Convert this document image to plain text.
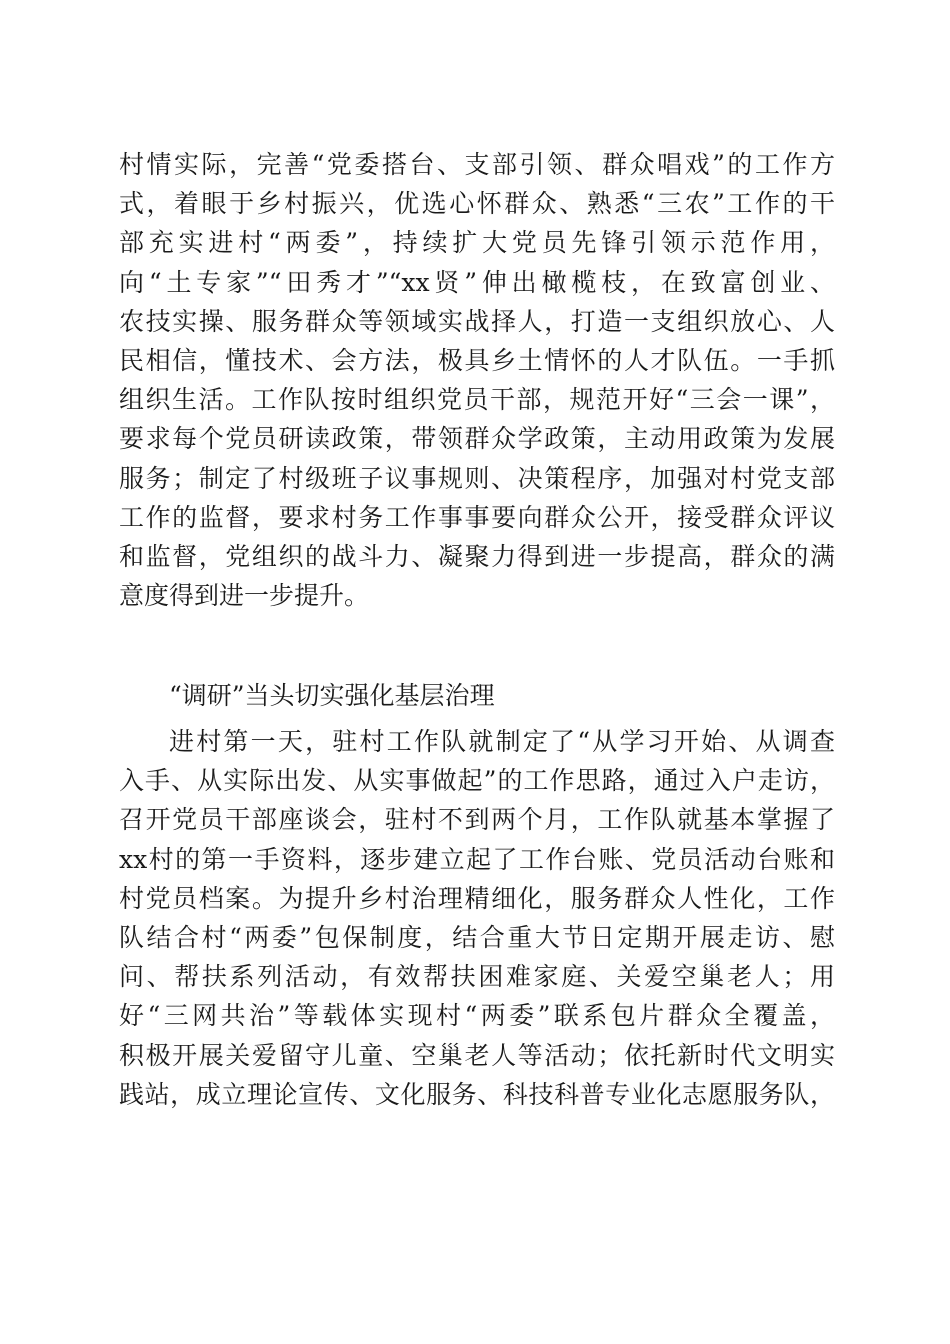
村情实际，完善“党委搭台、支部引领、群众唱戏”的工作方
式，着眼于乡村振兴，优选心怀群众、熟悉“三农”工作的干
部充实进村“两委”，持续扩大党员先锋引领示范作用，
向“土专家”“田秀才”“xx贤”伸出橄榄枝，在致富创业、
农技实操、服务群众等领域实战择人，打造一支组织放心、人
民相信，懂技术、会方法，极具乡土情怀的人才队伍。一手抓
组织生活。工作队按时组织党员干部，规范开好“三会一课”，
要求每个党员研读政策，带领群众学政策，主动用政策为发展
服务；制定了村级班子议事规则、决策程序，加强对村党支部
工作的监督，要求村务工作事事要向群众公开，接受群众评议
和监督，党组织的战斗力、凝聚力得到进一步提高，群众的满
意度得到进一步提升。
“调研”当头切实强化基层治理
进村第一天，驻村工作队就制定了“从学习开始、从调查
入手、从实际出发、从实事做起”的工作思路，通过入户走访，
召开党员干部座谈会，驻村不到两个月，工作队就基本掌握了
xx村的第一手资料，逐步建立起了工作台账、党员活动台账和
村党员档案。为提升乡村治理精细化，服务群众人性化，工作
队结合村“两委”包保制度，结合重大节日定期开展走访、慰
问、帮扶系列活动，有效帮扶困难家庭、关爱空巢老人；用
好“三网共治”等载体实现村“两委”联系包片群众全覆盖，
积极开展关爱留守儿童、空巢老人等活动；依托新时代文明实
践站，成立理论宣传、文化服务、科技科普专业化志愿服务队，
